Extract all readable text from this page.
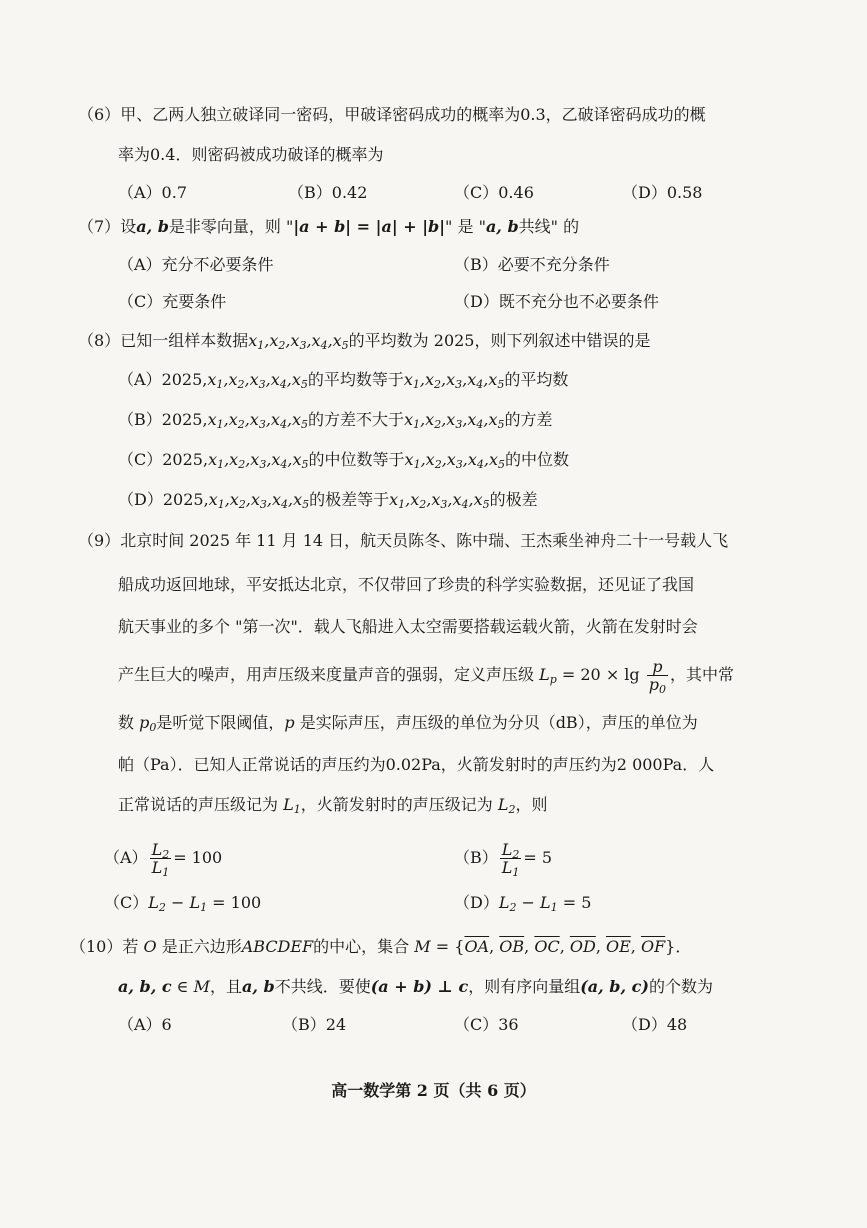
（6）甲、乙两人独立破译同一密码，甲破译密码成功的概率为0.3，乙破译密码成功的概
率为0.4．则密码被成功破译的概率为
（A）0.7	（B）0.42	（C）0.46	（D）0.58
（7）设a, b是非零向量，则 "|a + b| = |a| + |b|" 是 "a, b共线" 的
（A）充分不必要条件	（B）必要不充分条件
（C）充要条件	（D）既不充分也不必要条件
（8）已知一组样本数据$x_1,x_2,x_3,x_4,x_5$的平均数为 2025，则下列叙述中错误的是
$(A)2025,x_1,x_2,x_3,x_4,x_5$的平均数等于$x_1,x_2,x_3,x_4,x_5$的平均数
$(B)2025,x_1,x_2,x_3,x_4,x_5$的方差不大于$x_1,x_2,x_3,x_4,x_5$的方差
$(C)2025,x_1,x_2,x_3,x_4,x_5$的中位数等于$x_1,x_2,x_3,x_4,x_5$的中位数
$(D)2025,x_1,x_2,x_3,x_4,x_5$的极差等于$x_1,x_2,x_3,x_4,x_5$的极差
（9）北京时间 2025 年 11 月 14 日，航天员陈冬、陈中瑞、王杰乘坐神舟二十一号载人飞
船成功返回地球，平安抵达北京，不仅带回了珍贵的科学实验数据，还见证了我国
航天事业的多个 "第一次"．载人飞船进入太空需要搭载运载火箭，火箭在发射时会
产生巨大的噪声，用声压级来度量声音的强弱，定义声压级 $L_p = 20 \times \lg \frac{p}{p_0}$ ，其中常
数 $p_0$是听觉下限阈值，p 是实际声压，声压级的单位为分贝（dB），声压的单位为
帕（Pa）．已知人正常说话的声压约为0.02Pa，火箭发射时的声压约为2 000Pa．人
正常说话的声压级记为 $L_1$，火箭发射时的声压级记为 $L_2$，则
$(A) \frac{L_2}{L_1} = 100$	$(B) \frac{L_2}{L_1} = 5$
$(C)L_2 - L_1 = 100$	$(D)L_2 - L_1 = 5$
（10）若 O 是正六边形ABCDEF的中心，集合 $M = \{\overline{OA}$, $\overline{OB}$, $\overline{OC}$, $\overline{OD}$, $\overline{OE}$, $\overline{OF}$}．
a, b, c ∈ M，且a, b不共线．要使(a + b) ⊥ c，则有序向量组(a, b, c)的个数为
（A）6	（B）24	（C）36	（D）48
高一数学第 2 页（共 6 页）
